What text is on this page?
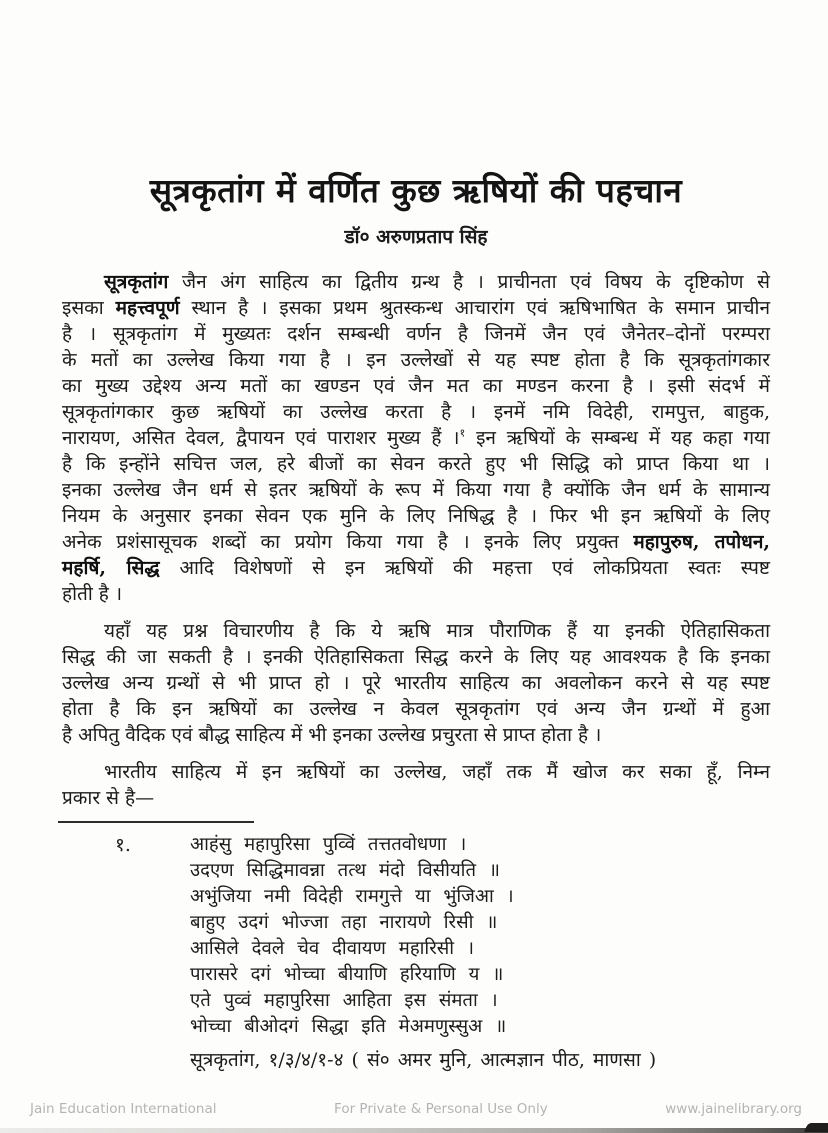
सूत्रकृतांग में वर्णित कुछ ऋषियों की पहचान
डॉ० अरुणप्रताप सिंह
सूत्रकृतांग जैन अंग साहित्य का द्वितीय ग्रन्थ है । प्राचीनता एवं विषय के दृष्टिकोण से
इसका महत्त्वपूर्ण स्थान है । इसका प्रथम श्रुतस्कन्ध आचारांग एवं ऋषिभाषित के समान प्राचीन
है । सूत्रकृतांग में मुख्यतः दर्शन सम्बन्धी वर्णन है जिनमें जैन एवं जैनेतर–दोनों परम्परा
के मतों का उल्लेख किया गया है । इन उल्लेखों से यह स्पष्ट होता है कि सूत्रकृतांगकार
का मुख्य उद्देश्य अन्य मतों का खण्डन एवं जैन मत का मण्डन करना है । इसी संदर्भ में
सूत्रकृतांगकार कुछ ऋषियों का उल्लेख करता है । इनमें नमि विदेही, रामपुत्त, बाहुक,
नारायण, असित देवल, द्वैपायन एवं पाराशर मुख्य हैं ।$^१$ इन ऋषियों के सम्बन्ध में यह कहा गया
है कि इन्होंने सचित्त जल, हरे बीजों का सेवन करते हुए भी सिद्धि को प्राप्त किया था ।
इनका उल्लेख जैन धर्म से इतर ऋषियों के रूप में किया गया है क्योंकि जैन धर्म के सामान्य
नियम के अनुसार इनका सेवन एक मुनि के लिए निषिद्ध है । फिर भी इन ऋषियों के लिए
अनेक प्रशंसासूचक शब्दों का प्रयोग किया गया है । इनके लिए प्रयुक्त महापुरुष, तपोधन,
महर्षि, सिद्ध आदि विशेषणों से इन ऋषियों की महत्ता एवं लोकप्रियता स्वतः स्पष्ट
होती है ।
यहाँ यह प्रश्न विचारणीय है कि ये ऋषि मात्र पौराणिक हैं या इनकी ऐतिहासिकता
सिद्ध की जा सकती है । इनकी ऐतिहासिकता सिद्ध करने के लिए यह आवश्यक है कि इनका
उल्लेख अन्य ग्रन्थों से भी प्राप्त हो । पूरे भारतीय साहित्य का अवलोकन करने से यह स्पष्ट
होता है कि इन ऋषियों का उल्लेख न केवल सूत्रकृतांग एवं अन्य जैन ग्रन्थों में हुआ
है अपितु वैदिक एवं बौद्ध साहित्य में भी इनका उल्लेख प्रचुरता से प्राप्त होता है ।
भारतीय साहित्य में इन ऋषियों का उल्लेख, जहाँ तक मैं खोज कर सका हूँ, निम्न
प्रकार से है—
१.	आहंसु महापुरिसा पुव्विं तत्ततवोधणा ।
उदएण सिद्धिमावन्ना तत्थ मंदो विसीयति ॥
अभुंजिया नमी विदेही रामगुत्ते या भुंजिआ ।
बाहुए उदगं भोज्जा तहा नारायणे रिसी ॥
आसिले देवले चेव दीवायण महारिसी ।
पारासरे दगं भोच्चा बीयाणि हरियाणि य ॥
एते पुव्वं महापुरिसा आहिता इस संमता ।
भोच्चा बीओदगं सिद्धा इति मेअमणुस्सुअ ॥
सूत्रकृतांग, १/३/४/१-४ ( सं० अमर मुनि, आत्मज्ञान पीठ, माणसा )
Jain Education International	For Private & Personal Use Only	www.jainelibrary.org
